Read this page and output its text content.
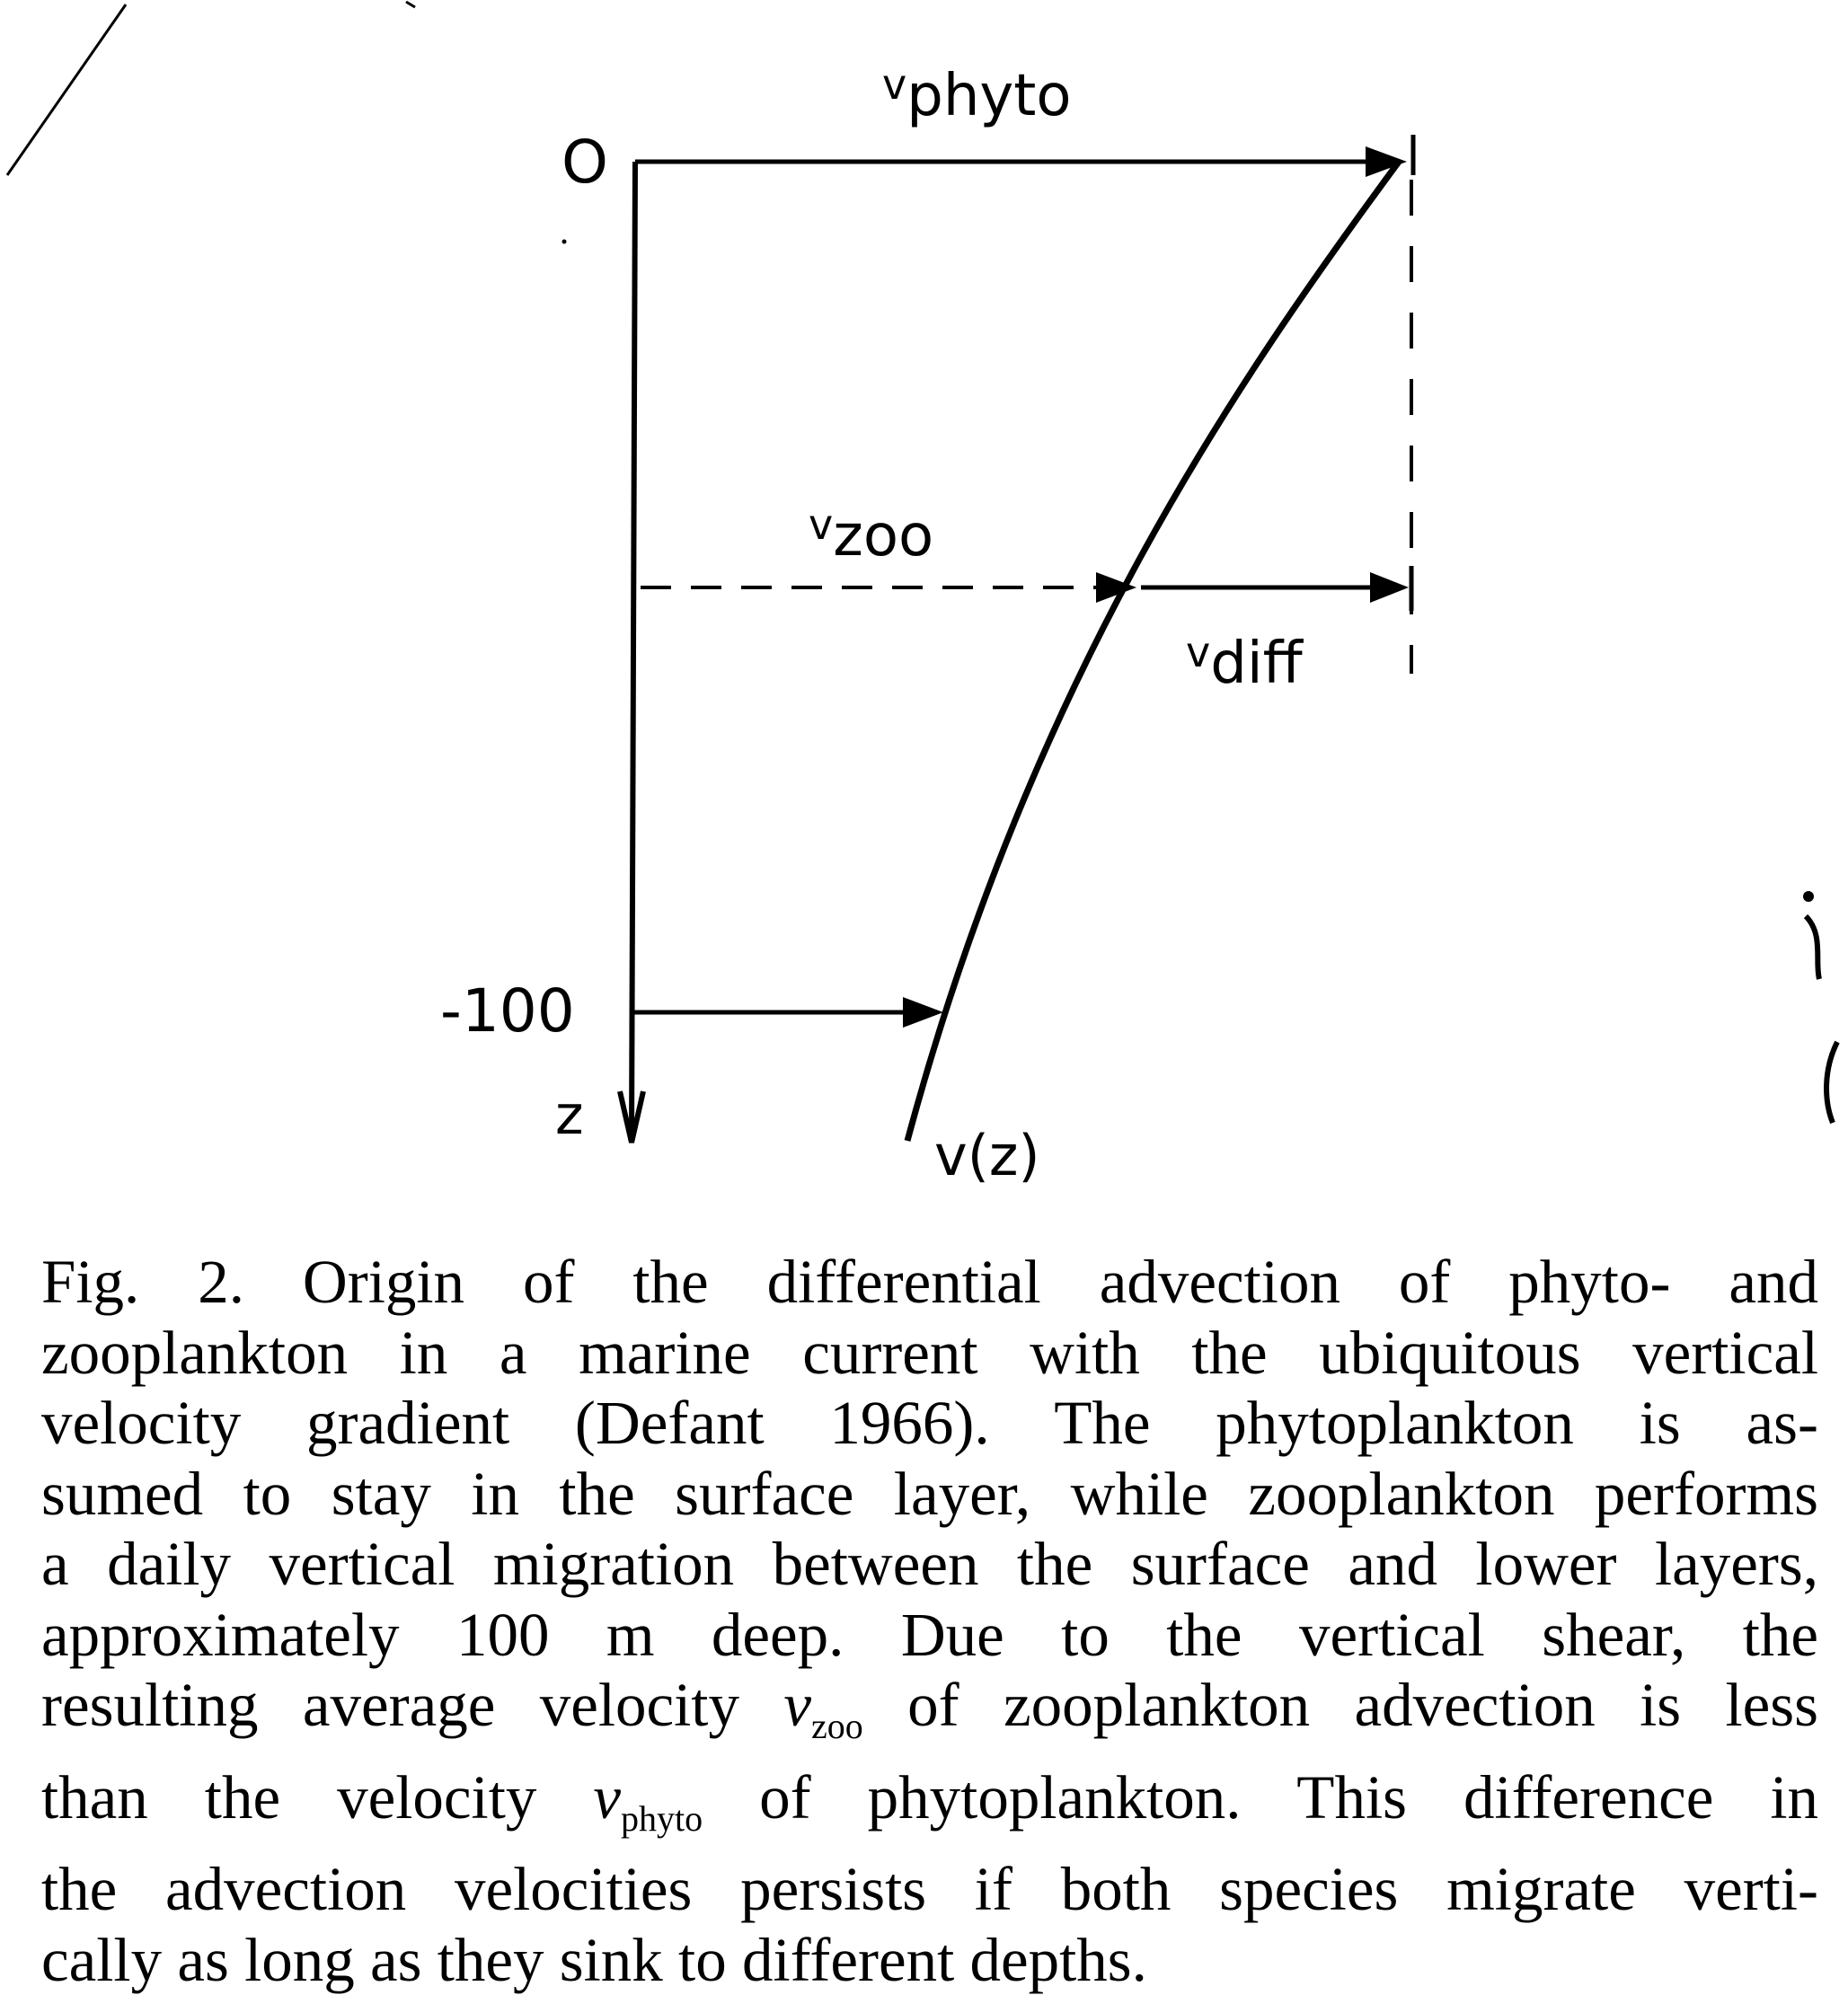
vphyto
vzoo
vdiff
O
-100
z
v(z)
Fig. 2. Origin of the differential advection of phyto- and
zooplankton in a marine current with the ubiquitous vertical
velocity gradient (Defant 1966). The phytoplankton is as-
sumed to stay in the surface layer, while zooplankton performs
a daily vertical migration between the surface and lower layers,
approximately 100 m deep. Due to the vertical shear, the
resulting average velocity $v_{zoo}$ of zooplankton advection is less
than the velocity $v_{phyto}$ of phytoplankton. This difference in
the advection velocities persists if both species migrate verti-
cally as long as they sink to different depths.
